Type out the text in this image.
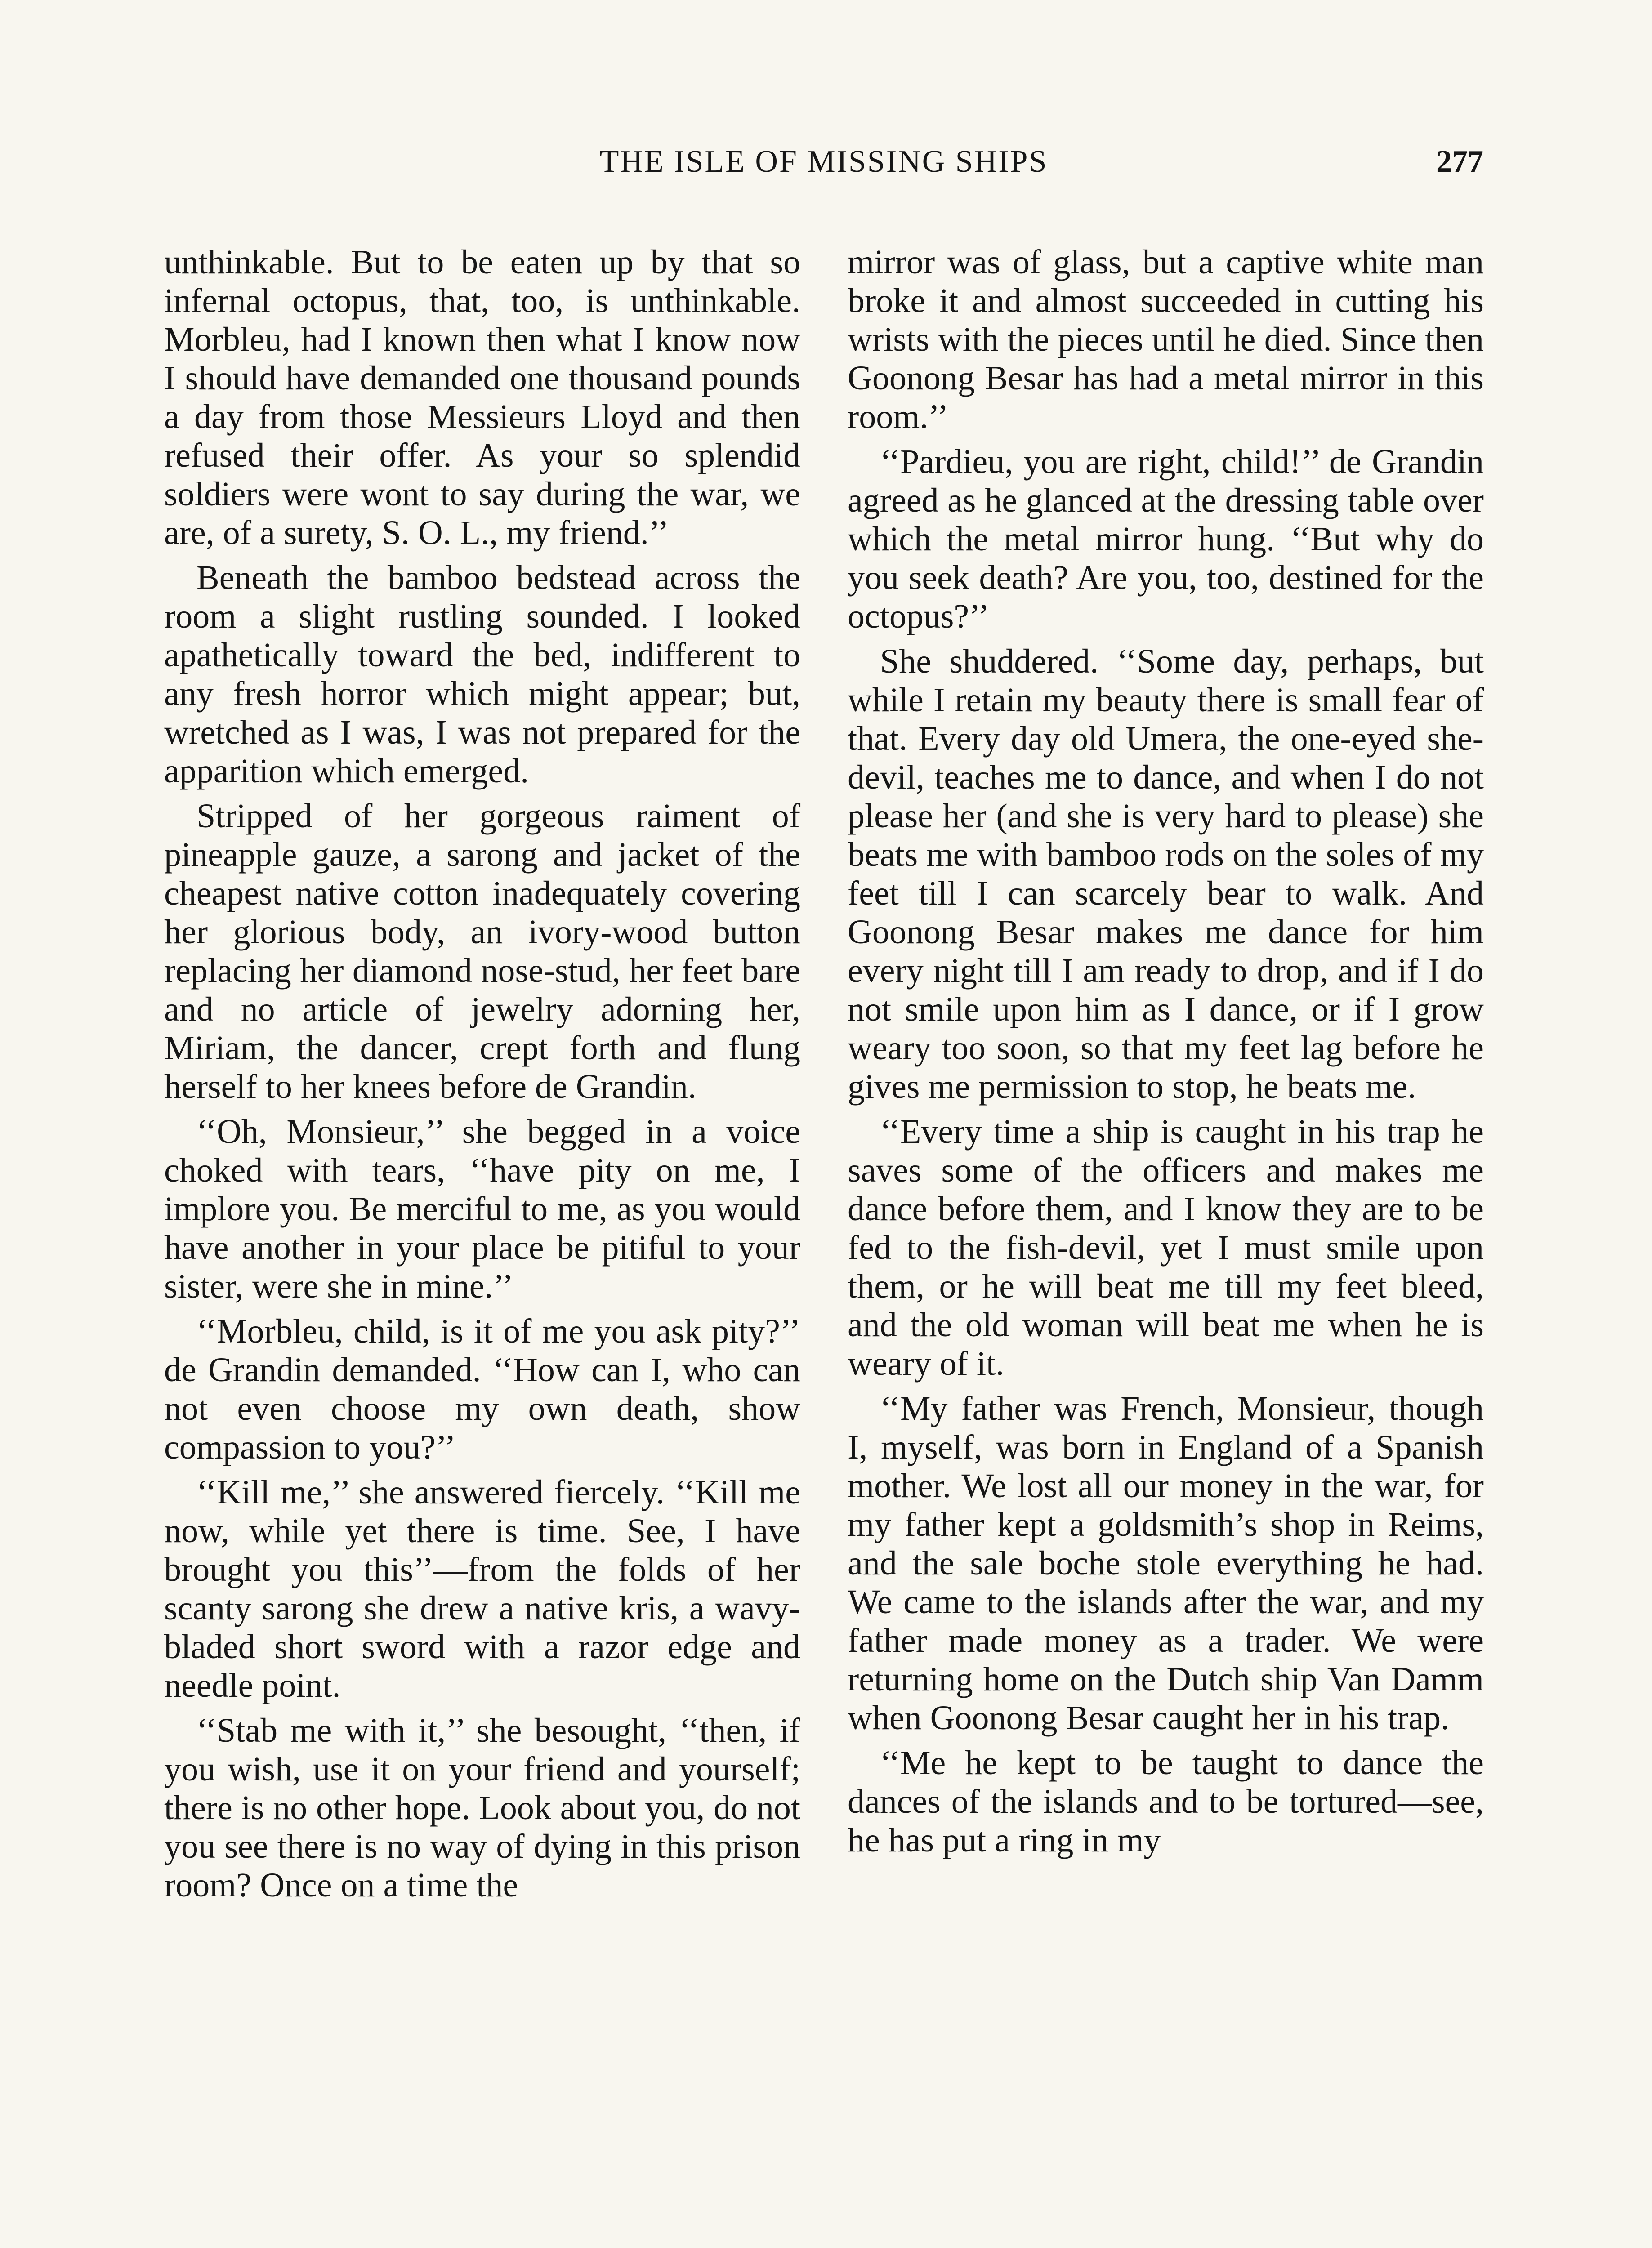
THE ISLE OF MISSING SHIPS	277

unthinkable. But to be eaten up by that so infernal octopus, that, too, is unthinkable. Morbleu, had I known then what I know now I should have demanded one thousand pounds a day from those Messieurs Lloyd and then refused their offer. As your so splendid soldiers were wont to say during the war, we are, of a surety, S. O. L., my friend.’’

Beneath the bamboo bedstead across the room a slight rustling sounded. I looked apathetically toward the bed, indifferent to any fresh horror which might appear; but, wretched as I was, I was not prepared for the apparition which emerged.

Stripped of her gorgeous raiment of pineapple gauze, a sarong and jacket of the cheapest native cotton inadequately covering her glorious body, an ivory-wood button replacing her diamond nose-stud, her feet bare and no article of jewelry adorning her, Miriam, the dancer, crept forth and flung herself to her knees before de Grandin.

‘‘Oh, Monsieur,’’ she begged in a voice choked with tears, ‘‘have pity on me, I implore you. Be merciful to me, as you would have another in your place be pitiful to your sister, were she in mine.’’

‘‘Morbleu, child, is it of me you ask pity?’’ de Grandin demanded. ‘‘How can I, who can not even choose my own death, show compassion to you?’’

‘‘Kill me,’’ she answered fiercely. ‘‘Kill me now, while yet there is time. See, I have brought you this’’—from the folds of her scanty sarong she drew a native kris, a wavy-bladed short sword with a razor edge and needle point.

‘‘Stab me with it,’’ she besought, ‘‘then, if you wish, use it on your friend and yourself; there is no other hope. Look about you, do not you see there is no way of dying in this prison room? Once on a time the

mirror was of glass, but a captive white man broke it and almost succeeded in cutting his wrists with the pieces until he died. Since then Goonong Besar has had a metal mirror in this room.’’

‘‘Pardieu, you are right, child!’’ de Grandin agreed as he glanced at the dressing table over which the metal mirror hung. ‘‘But why do you seek death? Are you, too, destined for the octopus?’’

She shuddered. ‘‘Some day, perhaps, but while I retain my beauty there is small fear of that. Every day old Umera, the one-eyed she-devil, teaches me to dance, and when I do not please her (and she is very hard to please) she beats me with bamboo rods on the soles of my feet till I can scarcely bear to walk. And Goonong Besar makes me dance for him every night till I am ready to drop, and if I do not smile upon him as I dance, or if I grow weary too soon, so that my feet lag before he gives me permission to stop, he beats me.

‘‘Every time a ship is caught in his trap he saves some of the officers and makes me dance before them, and I know they are to be fed to the fish-devil, yet I must smile upon them, or he will beat me till my feet bleed, and the old woman will beat me when he is weary of it.

‘‘My father was French, Monsieur, though I, myself, was born in England of a Spanish mother. We lost all our money in the war, for my father kept a goldsmith’s shop in Reims, and the sale boche stole everything he had. We came to the islands after the war, and my father made money as a trader. We were returning home on the Dutch ship Van Damm when Goonong Besar caught her in his trap.

‘‘Me he kept to be taught to dance the dances of the islands and to be tortured—see, he has put a ring in my
